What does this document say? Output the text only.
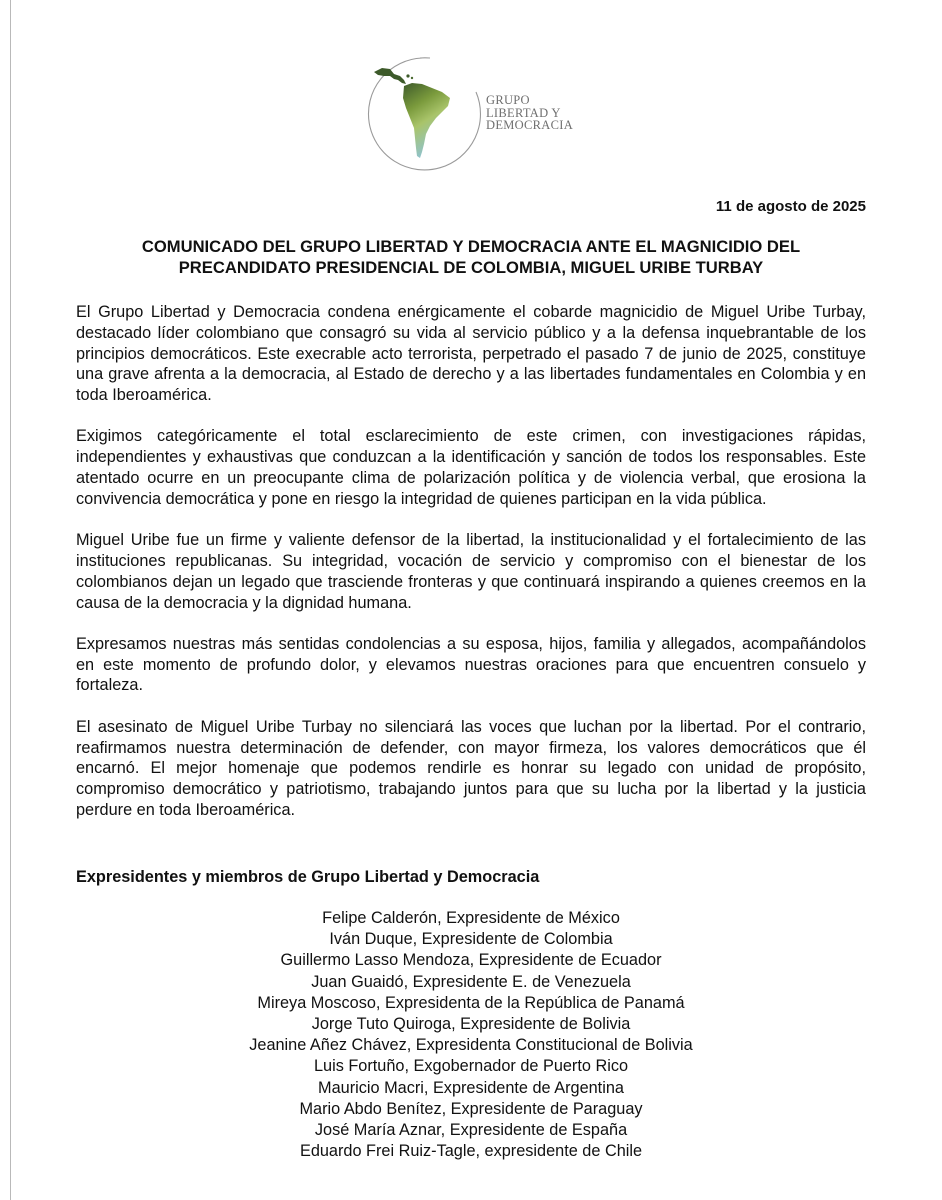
GRUPO
LIBERTAD Y
DEMOCRACIA
11 de agosto de 2025
COMUNICADO DEL GRUPO LIBERTAD Y DEMOCRACIA ANTE EL MAGNICIDIO DEL
PRECANDIDATO PRESIDENCIAL DE COLOMBIA, MIGUEL URIBE TURBAY

El Grupo Libertad y Democracia condena enérgicamente el cobarde magnicidio de Miguel Uribe Turbay, destacado líder colombiano que consagró su vida al servicio público y a la defensa inquebrantable de los principios democráticos. Este execrable acto terrorista, perpetrado el pasado 7 de junio de 2025, constituye una grave afrenta a la democracia, al Estado de derecho y a las libertades fundamentales en Colombia y en toda Iberoamérica.

Exigimos categóricamente el total esclarecimiento de este crimen, con investigaciones rápidas, independientes y exhaustivas que conduzcan a la identificación y sanción de todos los responsables. Este atentado ocurre en un preocupante clima de polarización política y de violencia verbal, que erosiona la convivencia democrática y pone en riesgo la integridad de quienes participan en la vida pública.

Miguel Uribe fue un firme y valiente defensor de la libertad, la institucionalidad y el fortalecimiento de las instituciones republicanas. Su integridad, vocación de servicio y compromiso con el bienestar de los colombianos dejan un legado que trasciende fronteras y que continuará inspirando a quienes creemos en la causa de la democracia y la dignidad humana.

Expresamos nuestras más sentidas condolencias a su esposa, hijos, familia y allegados, acompañándolos en este momento de profundo dolor, y elevamos nuestras oraciones para que encuentren consuelo y fortaleza.

El asesinato de Miguel Uribe Turbay no silenciará las voces que luchan por la libertad. Por el contrario, reafirmamos nuestra determinación de defender, con mayor firmeza, los valores democráticos que él encarnó. El mejor homenaje que podemos rendirle es honrar su legado con unidad de propósito, compromiso democrático y patriotismo, trabajando juntos para que su lucha por la libertad y la justicia perdure en toda Iberoamérica.

Expresidentes y miembros de Grupo Libertad y Democracia
Felipe Calderón, Expresidente de México
Iván Duque, Expresidente de Colombia
Guillermo Lasso Mendoza, Expresidente de Ecuador
Juan Guaidó, Expresidente E. de Venezuela
Mireya Moscoso, Expresidenta de la República de Panamá
Jorge Tuto Quiroga, Expresidente de Bolivia
Jeanine Añez Chávez, Expresidenta Constitucional de Bolivia
Luis Fortuño, Exgobernador de Puerto Rico
Mauricio Macri, Expresidente de Argentina
Mario Abdo Benítez, Expresidente de Paraguay
José María Aznar, Expresidente de España
Eduardo Frei Ruiz-Tagle, expresidente de Chile
